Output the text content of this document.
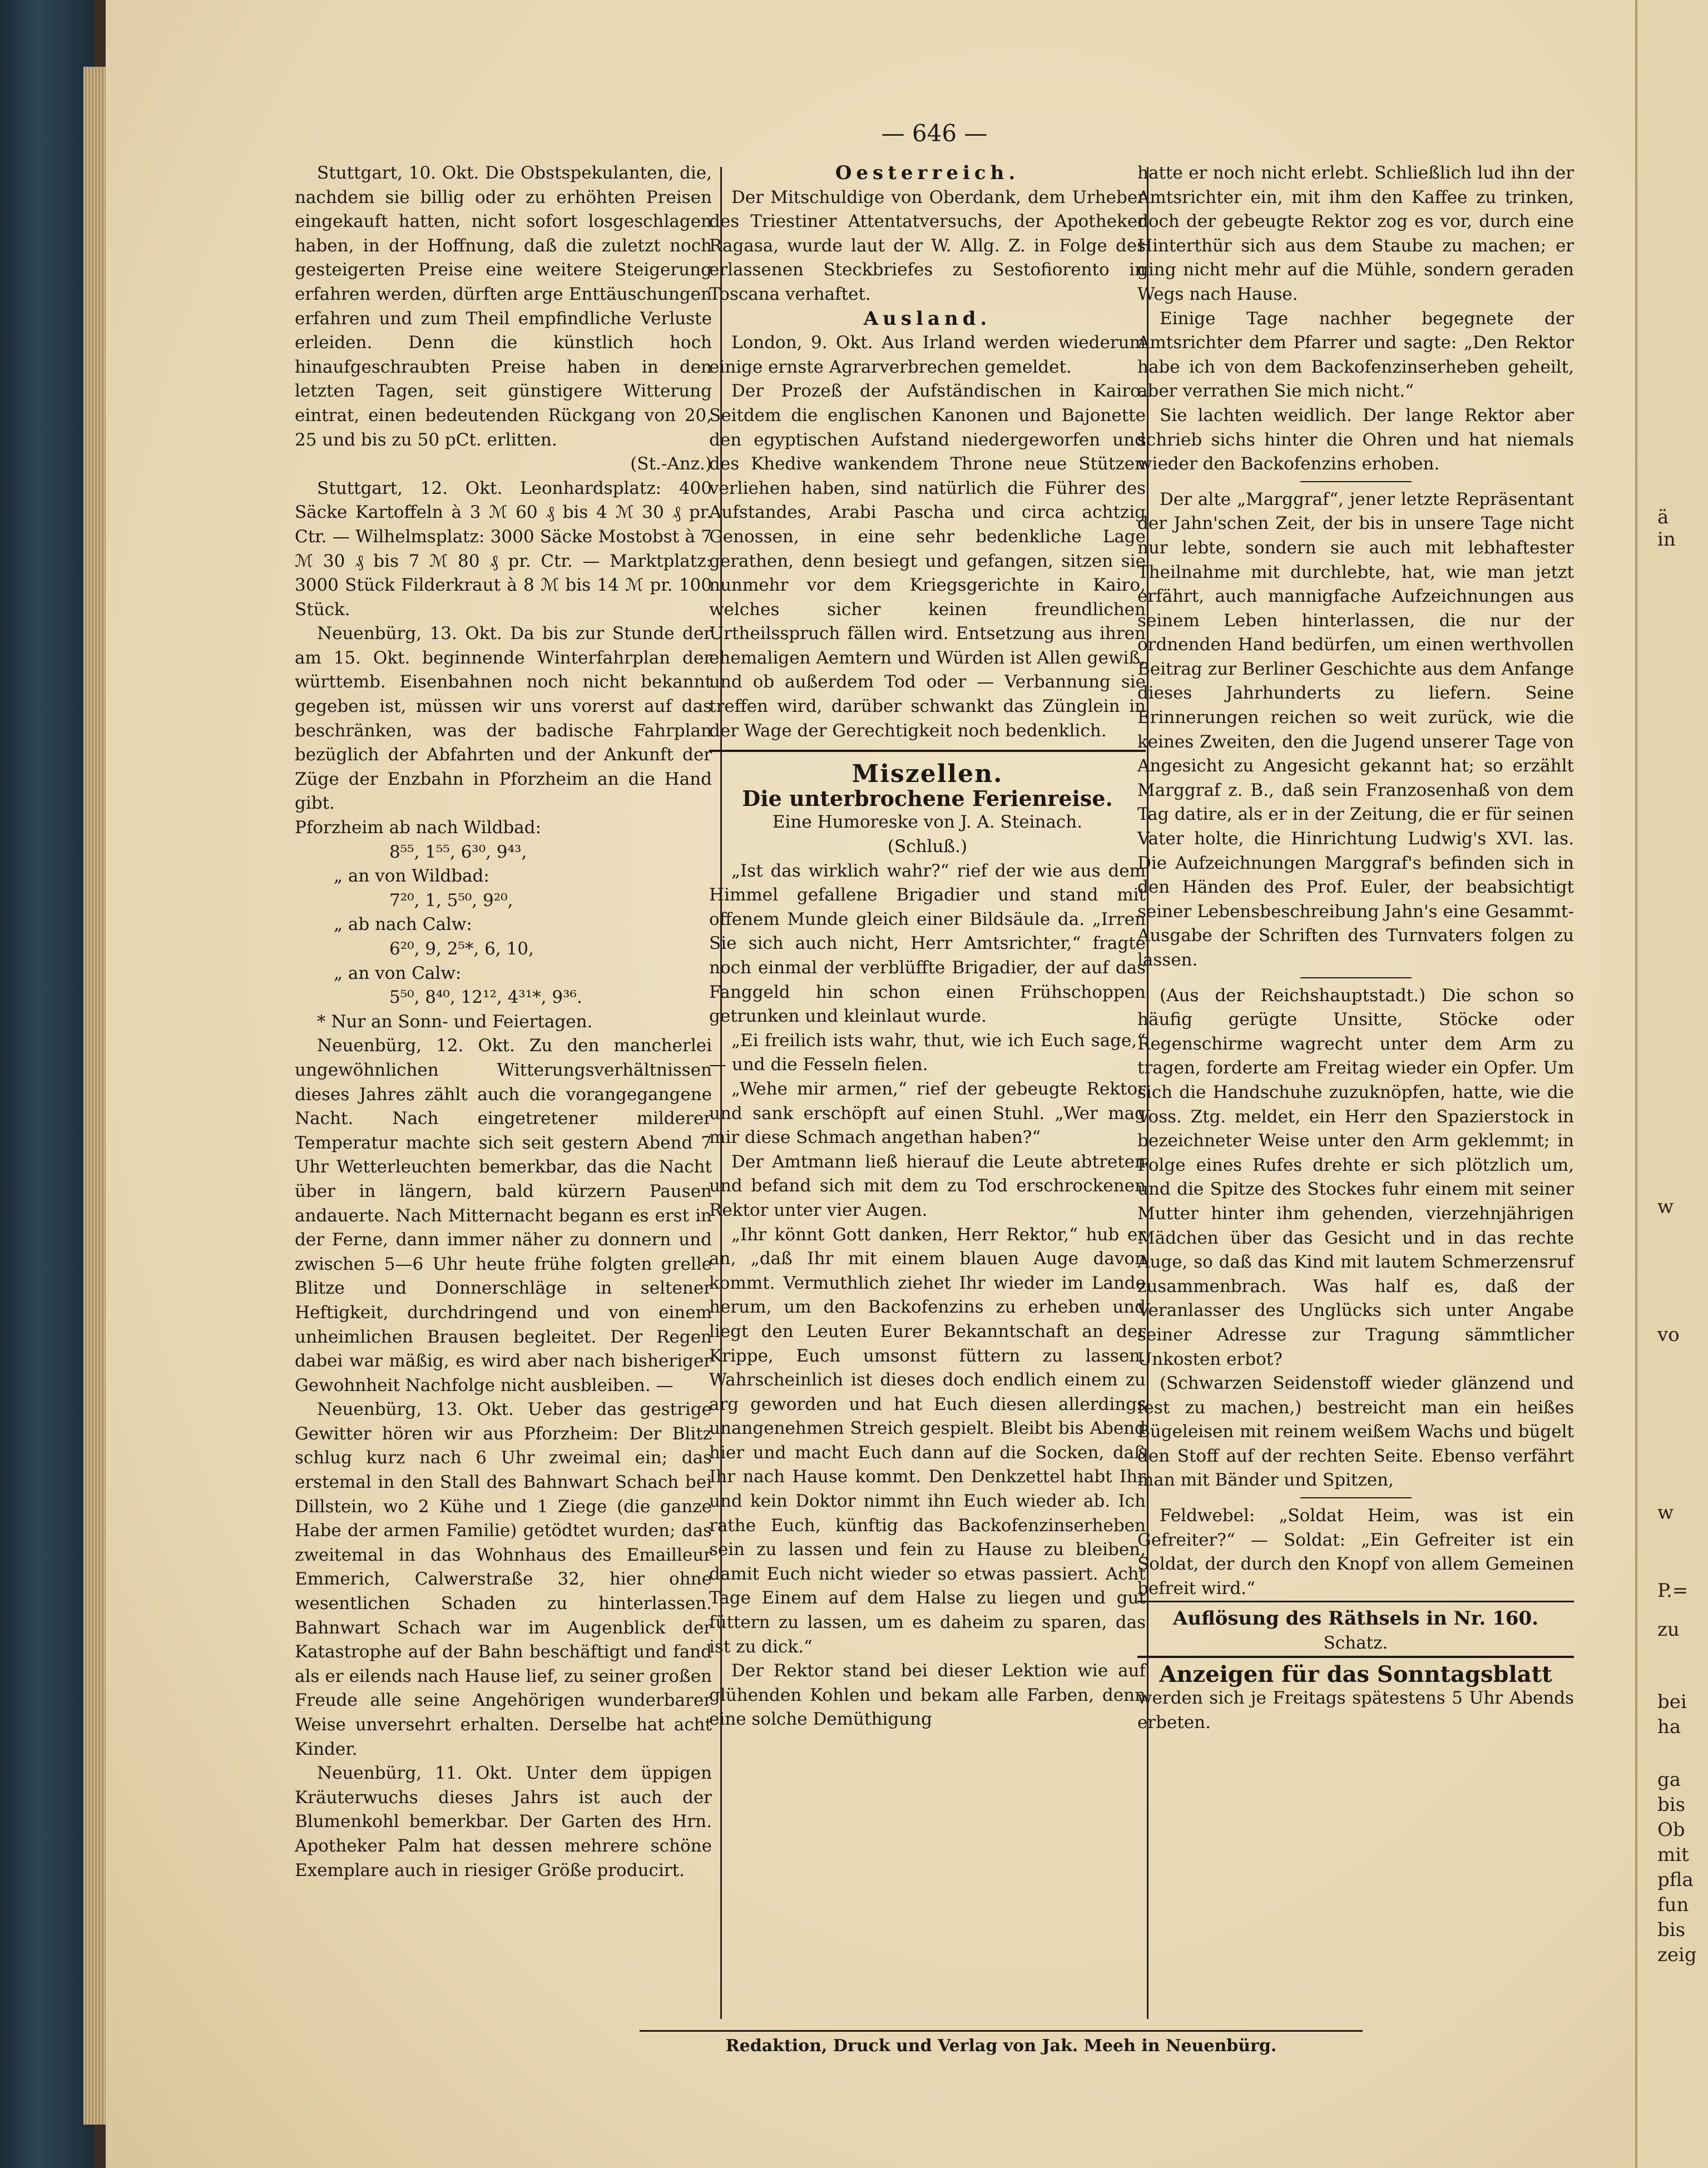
ä
in
w
vo
w
P.=
zu
bei
ha
ga
bis
Ob
mit
pfla
fun
bis
zeig
— 646 —

Stuttgart, 10. Okt. Die Obstspekulanten, die, nachdem sie billig oder zu erhöhten Preisen eingekauft hatten, nicht sofort losgeschlagen haben, in der Hoffnung, daß die zuletzt noch gesteigerten Preise eine weitere Steigerung erfahren werden, dürften arge Enttäuschungen erfahren und zum Theil empfindliche Verluste erleiden. Denn die künstlich hoch hinaufgeschraubten Preise haben in den letzten Tagen, seit günstigere Witterung eintrat, einen bedeutenden Rückgang von 20, 25 und bis zu 50 pCt. erlitten.

(St.-Anz.)

Stuttgart, 12. Okt. Leonhardsplatz: 400 Säcke Kartoffeln à 3 ℳ 60 ₰ bis 4 ℳ 30 ₰ pr. Ctr. — Wilhelmsplatz: 3000 Säcke Mostobst à 7 ℳ 30 ₰ bis 7 ℳ 80 ₰ pr. Ctr. — Marktplatz: 3000 Stück Filderkraut à 8 ℳ bis 14 ℳ pr. 100 Stück.

Neuenbürg, 13. Okt. Da bis zur Stunde der am 15. Okt. beginnende Winterfahrplan der württemb. Eisenbahnen noch nicht bekannt gegeben ist, müssen wir uns vorerst auf das beschränken, was der badische Fahrplan bezüglich der Abfahrten und der Ankunft der Züge der Enzbahn in Pforzheim an die Hand gibt.

Pforzheim ab nach Wildbad:

8⁵⁵, 1⁵⁵, 6³⁰, 9⁴³,

„ an von Wildbad:

7²⁰, 1, 5⁵⁰, 9²⁰,

„ ab nach Calw:

6²⁰, 9, 2⁵*, 6, 10,

„ an von Calw:

5⁵⁰, 8⁴⁰, 12¹², 4³¹*, 9³⁶.

* Nur an Sonn- und Feiertagen.

Neuenbürg, 12. Okt. Zu den mancherlei ungewöhnlichen Witterungsverhältnissen dieses Jahres zählt auch die vorangegangene Nacht. Nach eingetretener milderer Temperatur machte sich seit gestern Abend 7 Uhr Wetterleuchten bemerkbar, das die Nacht über in längern, bald kürzern Pausen andauerte. Nach Mitternacht begann es erst in der Ferne, dann immer näher zu donnern und zwischen 5—6 Uhr heute frühe folgten grelle Blitze und Donnerschläge in seltener Heftigkeit, durchdringend und von einem unheimlichen Brausen begleitet. Der Regen dabei war mäßig, es wird aber nach bisheriger Gewohnheit Nachfolge nicht ausbleiben. —

Neuenbürg, 13. Okt. Ueber das gestrige Gewitter hören wir aus Pforzheim: Der Blitz schlug kurz nach 6 Uhr zweimal ein; das erstemal in den Stall des Bahnwart Schach bei Dillstein, wo 2 Kühe und 1 Ziege (die ganze Habe der armen Familie) getödtet wurden; das zweitemal in das Wohnhaus des Emailleur Emmerich, Calwerstraße 32, hier ohne wesentlichen Schaden zu hinterlassen. Bahnwart Schach war im Augenblick der Katastrophe auf der Bahn beschäftigt und fand als er eilends nach Hause lief, zu seiner großen Freude alle seine Angehörigen wunderbarer Weise unversehrt erhalten. Derselbe hat acht Kinder.

Neuenbürg, 11. Okt. Unter dem üppigen Kräuterwuchs dieses Jahrs ist auch der Blumenkohl bemerkbar. Der Garten des Hrn. Apotheker Palm hat dessen mehrere schöne Exemplare auch in riesiger Größe producirt.

Oesterreich.

Der Mitschuldige von Oberdank, dem Urheber des Triestiner Attentatversuchs, der Apotheker Ragasa, wurde laut der W. Allg. Z. in Folge des erlassenen Steckbriefes zu Sestofiorento in Toscana verhaftet.

Ausland.

London, 9. Okt. Aus Irland werden wiederum einige ernste Agrarverbrechen gemeldet.

Der Prozeß der Aufständischen in Kairo. Seitdem die englischen Kanonen und Bajonette den egyptischen Aufstand niedergeworfen und des Khedive wankendem Throne neue Stützen verliehen haben, sind natürlich die Führer des Aufstandes, Arabi Pascha und circa achtzig Genossen, in eine sehr bedenkliche Lage gerathen, denn besiegt und gefangen, sitzen sie nunmehr vor dem Kriegsgerichte in Kairo, welches sicher keinen freundlichen Urtheilsspruch fällen wird. Entsetzung aus ihren ehemaligen Aemtern und Würden ist Allen gewiß, und ob außerdem Tod oder — Verbannung sie treffen wird, darüber schwankt das Zünglein in der Wage der Gerechtigkeit noch bedenklich.

Miszellen.

Die unterbrochene Ferienreise.

Eine Humoreske von J. A. Steinach.

(Schluß.)

„Ist das wirklich wahr?“ rief der wie aus dem Himmel gefallene Brigadier und stand mit offenem Munde gleich einer Bildsäule da. „Irren Sie sich auch nicht, Herr Amtsrichter,“ fragte noch einmal der verblüffte Brigadier, der auf das Fanggeld hin schon einen Frühschoppen getrunken und kleinlaut wurde.

„Ei freilich ists wahr, thut, wie ich Euch sage,“ — und die Fesseln fielen.

„Wehe mir armen,“ rief der gebeugte Rektor und sank erschöpft auf einen Stuhl. „Wer mag mir diese Schmach angethan haben?“

Der Amtmann ließ hierauf die Leute abtreten und befand sich mit dem zu Tod erschrockenen Rektor unter vier Augen.

„Ihr könnt Gott danken, Herr Rektor,“ hub er an, „daß Ihr mit einem blauen Auge davon kommt. Vermuthlich ziehet Ihr wieder im Lande herum, um den Backofenzins zu erheben und liegt den Leuten Eurer Bekanntschaft an der Krippe, Euch umsonst füttern zu lassen. Wahrscheinlich ist dieses doch endlich einem zu arg geworden und hat Euch diesen allerdings unangenehmen Streich gespielt. Bleibt bis Abend hier und macht Euch dann auf die Socken, daß Ihr nach Hause kommt. Den Denkzettel habt Ihr und kein Doktor nimmt ihn Euch wieder ab. Ich rathe Euch, künftig das Backofenzinserheben sein zu lassen und fein zu Hause zu bleiben, damit Euch nicht wieder so etwas passiert. Acht Tage Einem auf dem Halse zu liegen und gut füttern zu lassen, um es daheim zu sparen, das ist zu dick.“

Der Rektor stand bei dieser Lektion wie auf glühenden Kohlen und bekam alle Farben, denn eine solche Demüthigung

hatte er noch nicht erlebt. Schließlich lud ihn der Amtsrichter ein, mit ihm den Kaffee zu trinken, doch der gebeugte Rektor zog es vor, durch eine Hinterthür sich aus dem Staube zu machen; er ging nicht mehr auf die Mühle, sondern geraden Wegs nach Hause.

Einige Tage nachher begegnete der Amtsrichter dem Pfarrer und sagte: „Den Rektor habe ich von dem Backofenzinserheben geheilt, aber verrathen Sie mich nicht.“

Sie lachten weidlich. Der lange Rektor aber schrieb sichs hinter die Ohren und hat niemals wieder den Backofenzins erhoben.

Der alte „Marggraf“, jener letzte Repräsentant der Jahn'schen Zeit, der bis in unsere Tage nicht nur lebte, sondern sie auch mit lebhaftester Theilnahme mit durchlebte, hat, wie man jetzt erfährt, auch mannigfache Aufzeichnungen aus seinem Leben hinterlassen, die nur der ordnenden Hand bedürfen, um einen werthvollen Beitrag zur Berliner Geschichte aus dem Anfange dieses Jahrhunderts zu liefern. Seine Erinnerungen reichen so weit zurück, wie die keines Zweiten, den die Jugend unserer Tage von Angesicht zu Angesicht gekannt hat; so erzählt Marggraf z. B., daß sein Franzosenhaß von dem Tag datire, als er in der Zeitung, die er für seinen Vater holte, die Hinrichtung Ludwig's XVI. las. Die Aufzeichnungen Marggraf's befinden sich in den Händen des Prof. Euler, der beabsichtigt seiner Lebensbeschreibung Jahn's eine Gesammt-Ausgabe der Schriften des Turnvaters folgen zu lassen.

(Aus der Reichshauptstadt.) Die schon so häufig gerügte Unsitte, Stöcke oder Regenschirme wagrecht unter dem Arm zu tragen, forderte am Freitag wieder ein Opfer. Um sich die Handschuhe zuzuknöpfen, hatte, wie die Voss. Ztg. meldet, ein Herr den Spazierstock in bezeichneter Weise unter den Arm geklemmt; in Folge eines Rufes drehte er sich plötzlich um, und die Spitze des Stockes fuhr einem mit seiner Mutter hinter ihm gehenden, vierzehnjährigen Mädchen über das Gesicht und in das rechte Auge, so daß das Kind mit lautem Schmerzensruf zusammenbrach. Was half es, daß der Veranlasser des Unglücks sich unter Angabe seiner Adresse zur Tragung sämmtlicher Unkosten erbot?

(Schwarzen Seidenstoff wieder glänzend und fest zu machen,) bestreicht man ein heißes Bügeleisen mit reinem weißem Wachs und bügelt den Stoff auf der rechten Seite. Ebenso verfährt man mit Bänder und Spitzen,

Feldwebel: „Soldat Heim, was ist ein Gefreiter?“ — Soldat: „Ein Gefreiter ist ein Soldat, der durch den Knopf von allem Gemeinen befreit wird.“

Auflösung des Räthsels in Nr. 160.

Schatz.

Anzeigen für das Sonntagsblatt

werden sich je Freitags spätestens 5 Uhr Abends erbeten.

Redaktion, Druck und Verlag von Jak. Meeh in Neuenbürg.
